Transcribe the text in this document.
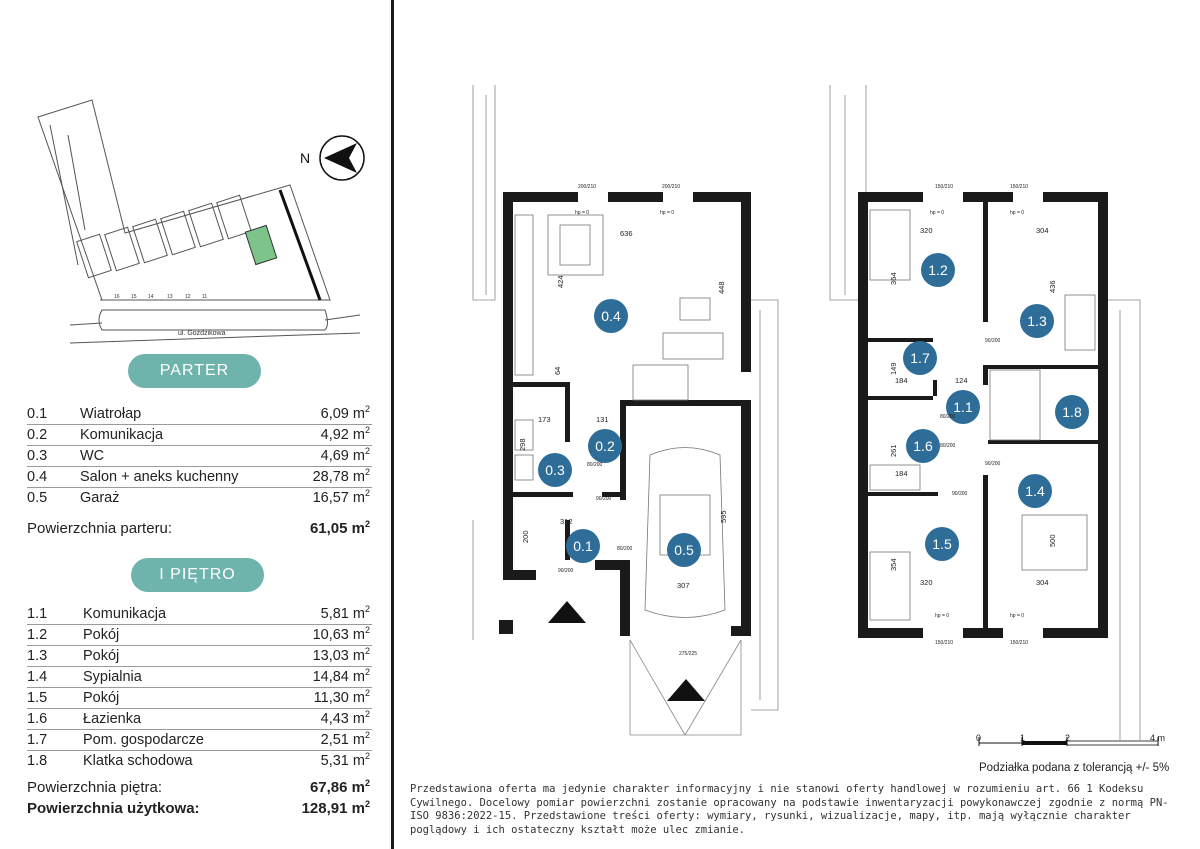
ul. Goździkowa
16 15 14	13 12 11
N
PARTER
0.1 Wiatrołap	6,09 $m^2$
0.2 Komunikacja	4,92 $m^2$
0.3 WC	4,69 $m^2$
0.4 Salon + aneks kuchenny	28,78 $m^2$
0.5 Garaż	16,57 $m^2$
Powierzchnia parteru:	61,05 $m^2$
I PIĘTRO
1.1 Komunikacja	5,81 $m^2$
1.2 Pokój	10,63 $m^2$
1.3 Pokój	13,03 $m^2$
1.4 Sypialnia	14,84 $m^2$
1.5 Pokój	11,30 $m^2$
1.6 Łazienka	4,43 $m^2$
1.7 Pom. gospodarcze	2,51 $m^2$
1.8 Klatka schodowa	5,31 $m^2$
Powierzchnia piętra:	67,86 $m^2$
Powierzchnia użytkowa:	128,91 $m^2$
0.4
0.2
0.3
0.1	0.5
636
424	448
173	131
298
312
200
595
307
64
200/210	200/210
hp = 0	hp = 0
80/200
80/200
90/200
90/200
275/225
1.2
1.3
1.7
1.1	1.8
1.6
1.4
1.5
320	304
364
436
149
184	124
261
184
354
500
320	304
150/210	150/210
hp = 0	hp = 0
90/200
80/200
80/200
90/200
90/200
hp = 0	hp = 0
150/210	150/210
0	1	2	4 m
Podziałka podana z tolerancją +/- 5%
Przedstawiona oferta ma jedynie charakter informacyjny i nie stanowi oferty handlowej w rozumieniu art. 66 1 Kodeksu Cywilnego. Docelowy pomiar powierzchni zostanie opracowany na podstawie inwentaryzacji powykonawczej zgodnie z normą PN-ISO 9836:2022-15. Przedstawione treści oferty: wymiary, rysunki, wizualizacje, mapy, itp. mają wyłącznie charakter poglądowy i ich ostateczny kształt może ulec zmianie.
